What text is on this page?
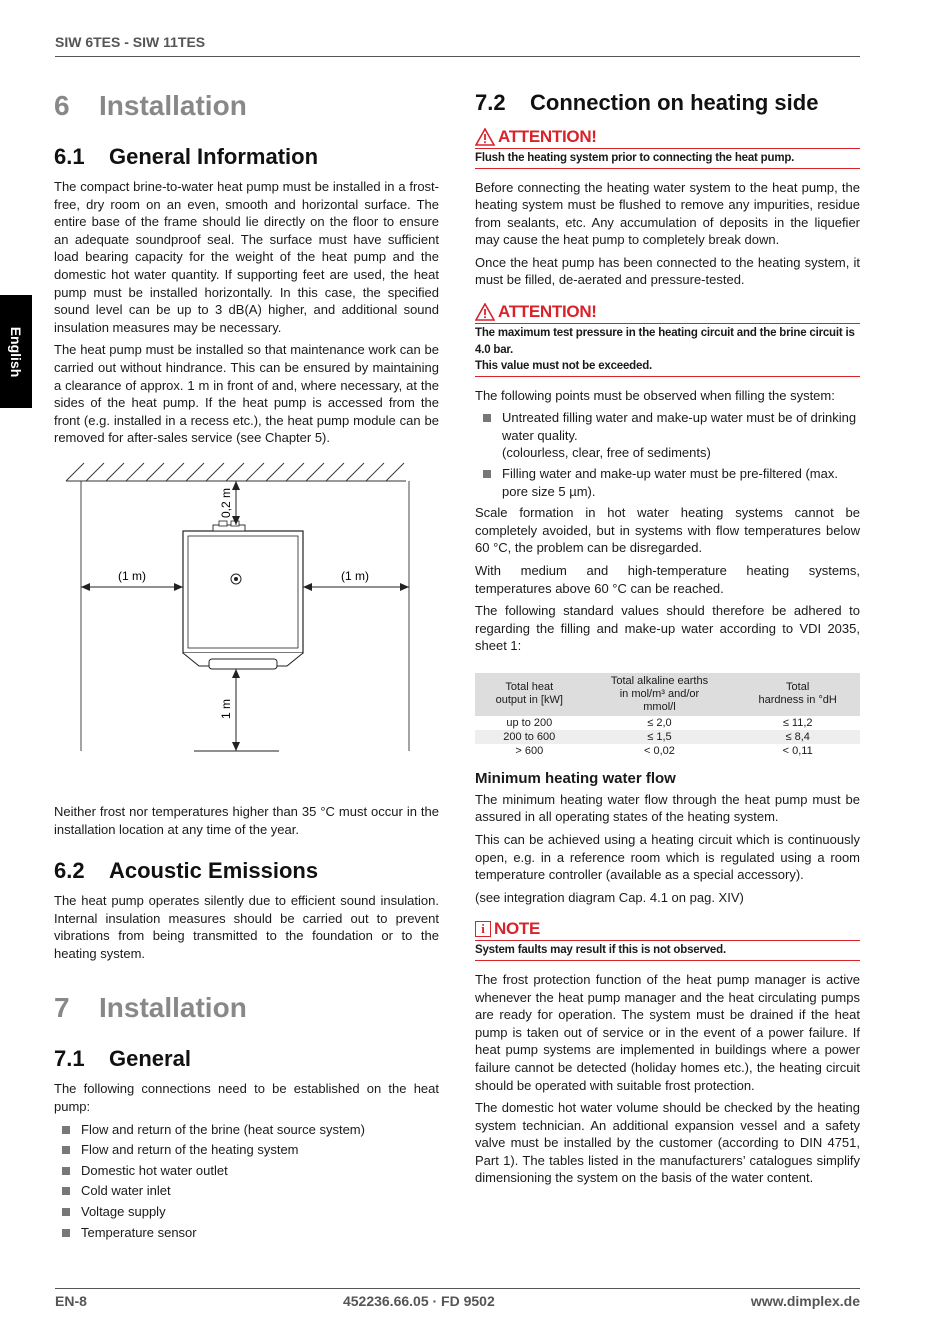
SIW 6TES - SIW 11TES
English
6	Installation
6.1	General Information

The compact brine-to-water heat pump must be installed in a frost-free, dry room on an even, smooth and horizontal surface. The entire base of the frame should lie directly on the floor to ensure an adequate soundproof seal. The surface must have sufficient load bearing capacity for the weight of the heat pump and the domestic hot water quantity. If supporting feet are used, the heat pump must be installed horizontally. In this case, the specified sound level can be up to 3 dB(A) higher, and additional sound insulation measures may be necessary.

The heat pump must be installed so that maintenance work can be carried out without hindrance. This can be ensured by maintaining a clearance of approx. 1 m in front of and, where necessary, at the sides of the heat pump. If the heat pump is accessed from the front (e.g. installed in a recess etc.), the heat pump module can be removed for after-sales service (see Chapter 5).

(1 m)	(1 m)
0,2 m
1 m

Neither frost nor temperatures higher than 35 °C must occur in the installation location at any time of the year.

6.2	Acoustic Emissions

The heat pump operates silently due to efficient sound insulation. Internal insulation measures should be carried out to prevent vibrations from being transmitted to the foundation or to the heating system.

7	Installation
7.1	General

The following connections need to be established on the heat pump:

Flow and return of the brine (heat source system)
Flow and return of the heating system
Domestic hot water outlet
Cold water inlet
Voltage supply
Temperature sensor
7.2	Connection on heating side
ATTENTION!
Flush the heating system prior to connecting the heat pump.

Before connecting the heating water system to the heat pump, the heating system must be flushed to remove any impurities, residue from sealants, etc. Any accumulation of deposits in the liquefier may cause the heat pump to completely break down.

Once the heat pump has been connected to the heating system, it must be filled, de-aerated and pressure-tested.

ATTENTION!
The maximum test pressure in the heating circuit and the brine circuit is
4.0 bar.
This value must not be exceeded.

The following points must be observed when filling the system:

Untreated filling water and make-up water must be of drinking water quality.
(colourless, clear, free of sediments)
Filling water and make-up water must be pre-filtered (max. pore size 5 µm).

Scale formation in hot water heating systems cannot be completely avoided, but in systems with flow temperatures below 60 °C, the problem can be disregarded.

With medium and high-temperature heating systems, temperatures above 60 °C can be reached.

The following standard values should therefore be adhered to regarding the filling and make-up water according to VDI 2035, sheet 1:

Total heat
output in [kW]	Total alkaline earths
in mol/m³ and/or
mmol/l	Total
hardness in °dH
up to 200	≤ 2,0	≤ 11,2
200 to 600	≤ 1,5	≤ 8,4
> 600	< 0,02	< 0,11
Minimum heating water flow

The minimum heating water flow through the heat pump must be assured in all operating states of the heating system.

This can be achieved using a heating circuit which is continuously open, e.g. in a reference room which is regulated using a room temperature controller (available as a special accessory).

(see integration diagram Cap. 4.1 on pag. XIV)

i NOTE
System faults may result if this is not observed.

The frost protection function of the heat pump manager is active whenever the heat pump manager and the heat circulating pumps are ready for operation. The system must be drained if the heat pump is taken out of service or in the event of a power failure. If heat pump systems are implemented in buildings where a power failure cannot be detected (holiday homes etc.), the heating circuit should be operated with suitable frost protection.

The domestic hot water volume should be checked by the heating system technician. An additional expansion vessel and a safety valve must be installed by the customer (according to DIN 4751, Part 1). The tables listed in the manufacturers’ catalogues simplify dimensioning the system on the basis of the water content.

EN-8	452236.66.05 · FD 9502	www.dimplex.de
